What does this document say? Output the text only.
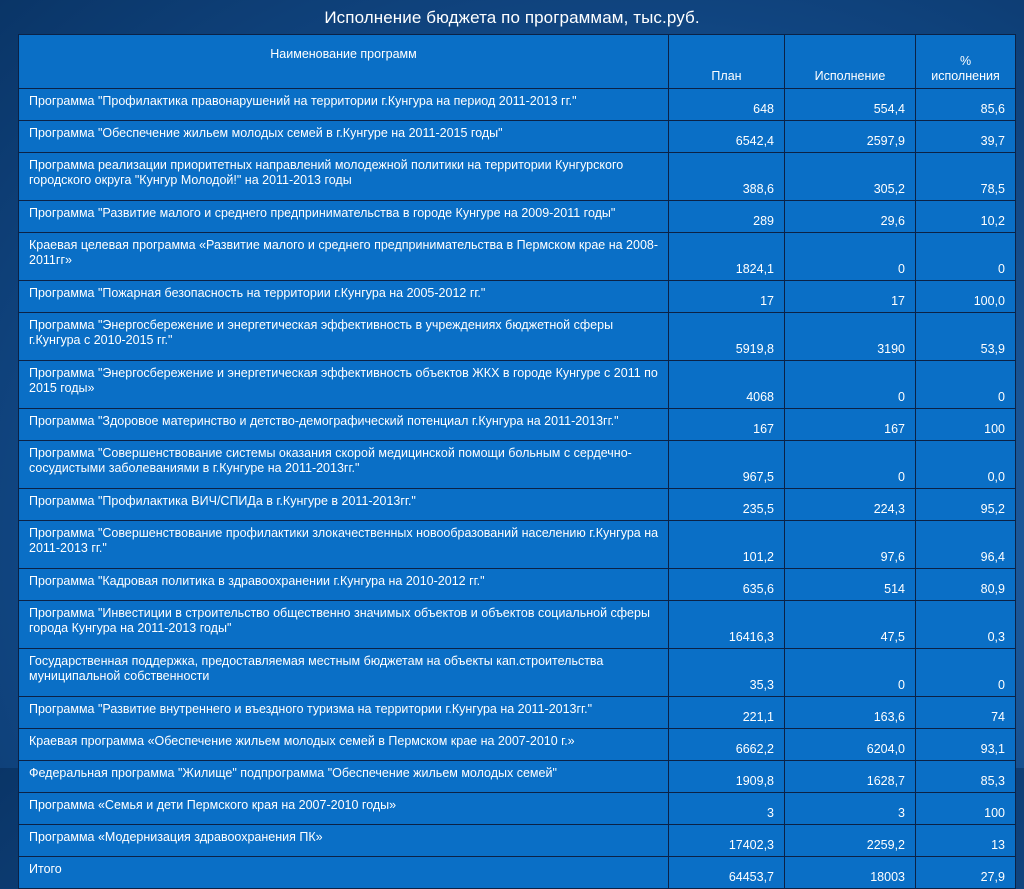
Исполнение бюджета по программам, тыс.руб.
Наименование программ	План	Исполнение	%
исполнения
Программа "Профилактика правонарушений на территории г.Кунгура на период 2011-2013 гг."	648	554,4	85,6
Программа "Обеспечение жильем молодых семей в г.Кунгуре на 2011-2015 годы"	6542,4	2597,9	39,7
Программа реализации приоритетных направлений молодежной политики на территории Кунгурского городского округа "Кунгур Молодой!" на 2011-2013 годы	388,6	305,2	78,5
Программа "Развитие малого и среднего предпринимательства в городе Кунгуре на 2009-2011 годы"	289	29,6	10,2
Краевая целевая программа «Развитие малого и среднего предпринимательства в Пермском крае на 2008-2011гг»	1824,1	0	0
Программа "Пожарная безопасность на территории г.Кунгура на 2005-2012 гг."	17	17	100,0
Программа "Энергосбережение и энергетическая эффективность в учреждениях бюджетной сферы г.Кунгура с 2010-2015 гг."	5919,8	3190	53,9
Программа "Энергосбережение и энергетическая эффективность объектов ЖКХ в городе Кунгуре с 2011 по 2015 годы»	4068	0	0
Программа "Здоровое материнство и детство-демографический потенциал г.Кунгура на 2011-2013гг."	167	167	100
Программа "Совершенствование системы оказания скорой медицинской помощи больным с сердечно-сосудистыми заболеваниями в г.Кунгуре на 2011-2013гг."	967,5	0	0,0
Программа "Профилактика ВИЧ/СПИДа в г.Кунгуре в 2011-2013гг."	235,5	224,3	95,2
Программа "Совершенствование профилактики злокачественных новообразований населению г.Кунгура на 2011-2013 гг."	101,2	97,6	96,4
Программа "Кадровая политика в здравоохранении г.Кунгура на 2010-2012 гг."	635,6	514	80,9
Программа "Инвестиции в строительство общественно значимых объектов и объектов социальной сферы города Кунгура на 2011-2013 годы"	16416,3	47,5	0,3
Государственная поддержка, предоставляемая местным бюджетам на объекты кап.строительства муниципальной собственности	35,3	0	0
Программа "Развитие внутреннего и въездного туризма на территории г.Кунгура на 2011-2013гг."	221,1	163,6	74
Краевая программа «Обеспечение жильем молодых семей в Пермском крае на 2007-2010 г.»	6662,2	6204,0	93,1
Федеральная программа "Жилище" подпрограмма "Обеспечение жильем молодых семей"	1909,8	1628,7	85,3
Программа «Семья и дети Пермского края на 2007-2010 годы»	3	3	100
Программа «Модернизация здравоохранения ПК»	17402,3	2259,2	13
Итого	64453,7	18003	27,9
